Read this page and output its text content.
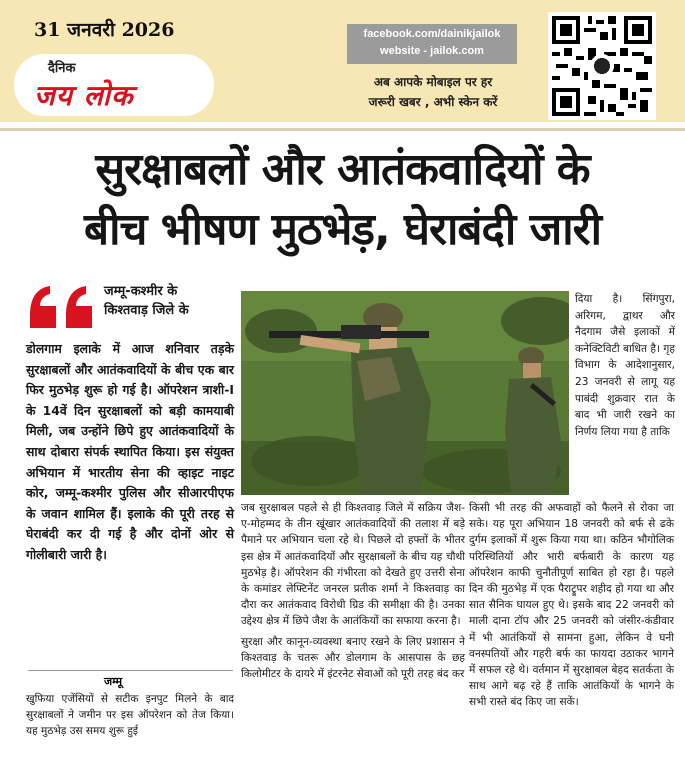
31 जनवरी 2026
दैनिक
जय लोक
facebook.com/dainikjailok
website - jailok.com
अब आपके मोबाइल पर हर
जरूरी खबर , अभी स्केन करें
सुरक्षाबलों और आतंकवादियों के
बीच भीषण मुठभेड़, घेराबंदी जारी
जम्मू-कश्मीर के किश्तवाड़ जिले के
डोलगाम इलाके में आज शनिवार तड़के सुरक्षाबलों और आतंकवादियों के बीच एक बार फिर मुठभेड़ शुरू हो गई है। ऑपरेशन त्राशी-I के 14वें दिन सुरक्षाबलों को बड़ी कामयाबी मिली, जब उन्होंने छिपे हुए आतंकवादियों के साथ दोबारा संपर्क स्थापित किया। इस संयुक्त अभियान में भारतीय सेना की व्हाइट नाइट कोर, जम्मू-कश्मीर पुलिस और सीआरपीएफ के जवान शामिल हैं। इलाके की पूरी तरह से घेराबंदी कर दी गई है और दोनों ओर से गोलीबारी जारी है।
जम्मू
खुफिया एजेंसियों से सटीक इनपुट मिलने के बाद सुरक्षाबलों ने जमीन पर इस ऑपरेशन को तेज किया। यह मुठभेड़ उस समय शुरू हुई

जब सुरक्षाबल पहले से ही किश्तवाड़ जिले में सक्रिय जैश-ए-मोहम्मद के तीन खूंखार आतंकवादियों की तलाश में बड़े पैमाने पर अभियान चला रहे थे। पिछले दो हफ्तों के भीतर इस क्षेत्र में आतंकवादियों और सुरक्षाबलों के बीच यह चौथी मुठभेड़ है। ऑपरेशन की गंभीरता को देखते हुए उत्तरी सेना के कमांडर लेफ्टिनेंट जनरल प्रतीक शर्मा ने किश्तवाड़ का दौरा कर आतंकवाद विरोधी ग्रिड की समीक्षा की है। उनका उद्देश्य क्षेत्र में छिपे जैश के आतंकियों का सफाया करना है।

सुरक्षा और कानून-व्यवस्था बनाए रखने के लिए प्रशासन ने किश्तवाड़ के चतरू और डोलगाम के आसपास के छह किलोमीटर के दायरे में इंटरनेट सेवाओं को पूरी तरह बंद कर

दिया है। सिंगपुरा, अरिगम, द्वाथर और नैदगाम जैसे इलाकों में कनेक्टिविटी बाधित है। गृह विभाग के आदेशानुसार, 23 जनवरी से लागू यह पाबंदी शुक्रवार रात के बाद भी जारी रखने का निर्णय लिया गया है ताकि
किसी भी तरह की अफवाहों को फैलने से रोका जा सके। यह पूरा अभियान 18 जनवरी को बर्फ से ढके दुर्गम इलाकों में शुरू किया गया था। कठिन भौगोलिक परिस्थितियों और भारी बर्फबारी के कारण यह ऑपरेशन काफी चुनौतीपूर्ण साबित हो रहा है। पहले दिन की मुठभेड़ में एक पैराट्रूपर शहीद हो गया था और सात सैनिक घायल हुए थे। इसके बाद 22 जनवरी को माली दाना टॉप और 25 जनवरी को जंसीर-कंडीवार में भी आतंकियों से सामना हुआ, लेकिन वे घनी वनस्पतियों और गहरी बर्फ का फायदा उठाकर भागने में सफल रहे थे। वर्तमान में सुरक्षाबल बेहद सतर्कता के साथ आगे बढ़ रहे हैं ताकि आतंकियों के भागने के सभी रास्ते बंद किए जा सकें।
